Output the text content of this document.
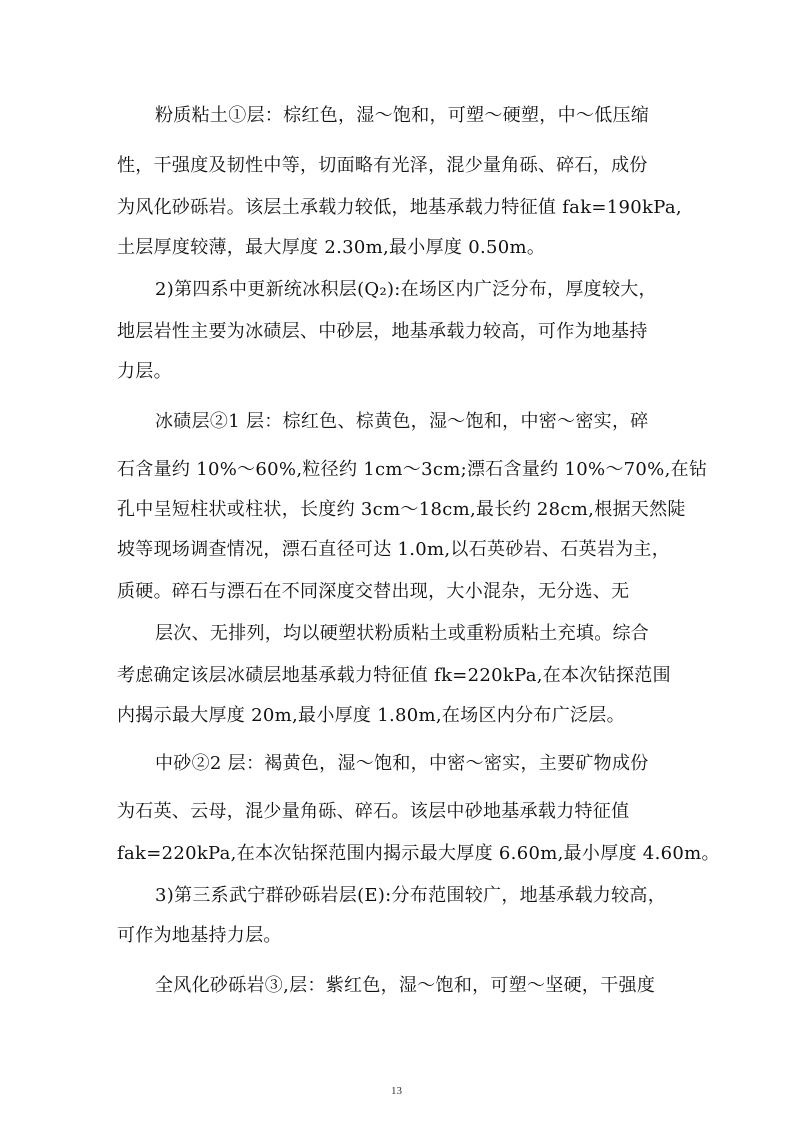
粉质粘土①层：棕红色，湿～饱和，可塑～硬塑，中～低压缩
性，干强度及韧性中等，切面略有光泽，混少量角砾、碎石，成份
为风化砂砾岩。该层土承载力较低，地基承载力特征值 fak=190kPa,
土层厚度较薄，最大厚度 2.30m,最小厚度 0.50m。
2)第四系中更新统冰积层(Q₂):在场区内广泛分布，厚度较大，
地层岩性主要为冰碛层、中砂层，地基承载力较高，可作为地基持
力层。
冰碛层②1 层：棕红色、棕黄色，湿～饱和，中密～密实，碎
石含量约 10%～60%,粒径约 1cm～3cm;漂石含量约 10%～70%,在钻
孔中呈短柱状或柱状，长度约 3cm～18cm,最长约 28cm,根据天然陡
坡等现场调查情况，漂石直径可达 1.0m,以石英砂岩、石英岩为主，
质硬。碎石与漂石在不同深度交替出现，大小混杂，无分选、无
层次、无排列，均以硬塑状粉质粘土或重粉质粘土充填。综合
考虑确定该层冰碛层地基承载力特征值 fk=220kPa,在本次钻探范围
内揭示最大厚度 20m,最小厚度 1.80m,在场区内分布广泛层。
中砂②2 层：褐黄色，湿～饱和，中密～密实，主要矿物成份
为石英、云母，混少量角砾、碎石。该层中砂地基承载力特征值
fak=220kPa,在本次钻探范围内揭示最大厚度 6.60m,最小厚度 4.60m。
3)第三系武宁群砂砾岩层(E):分布范围较广，地基承载力较高，
可作为地基持力层。
全风化砂砾岩③,层：紫红色，湿～饱和，可塑～坚硬，干强度
13
